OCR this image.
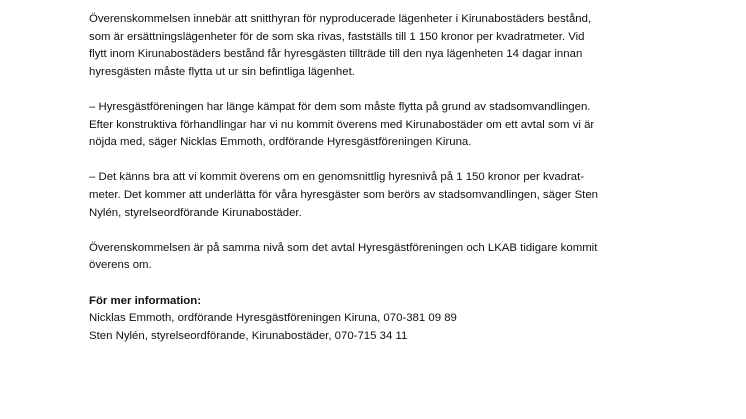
Överenskommelsen innebär att snitthyran för nyproducerade lägenheter i Kirunabostäders bestånd,
som är ersättningslägenheter för de som ska rivas, fastställs till 1 150 kronor per kvadratmeter. Vid
flytt inom Kirunabostäders bestånd får hyresgästen tillträde till den nya lägenheten 14 dagar innan
hyresgästen måste flytta ut ur sin befintliga lägenhet.

– Hyresgästföreningen har länge kämpat för dem som måste flytta på grund av stadsomvandlingen.
Efter konstruktiva förhandlingar har vi nu kommit överens med Kirunabostäder om ett avtal som vi är
nöjda med, säger Nicklas Emmoth, ordförande Hyresgästföreningen Kiruna.

– Det känns bra att vi kommit överens om en genomsnittlig hyresnivå på 1 150 kronor per kvadrat-
meter. Det kommer att underlätta för våra hyresgäster som berörs av stadsomvandlingen, säger Sten
Nylén, styrelseordförande Kirunabostäder.

Överenskommelsen är på samma nivå som det avtal Hyresgästföreningen och LKAB tidigare kommit
överens om.

För mer information:
Nicklas Emmoth, ordförande Hyresgästföreningen Kiruna, 070-381 09 89
Sten Nylén, styrelseordförande, Kirunabostäder, 070-715 34 11
